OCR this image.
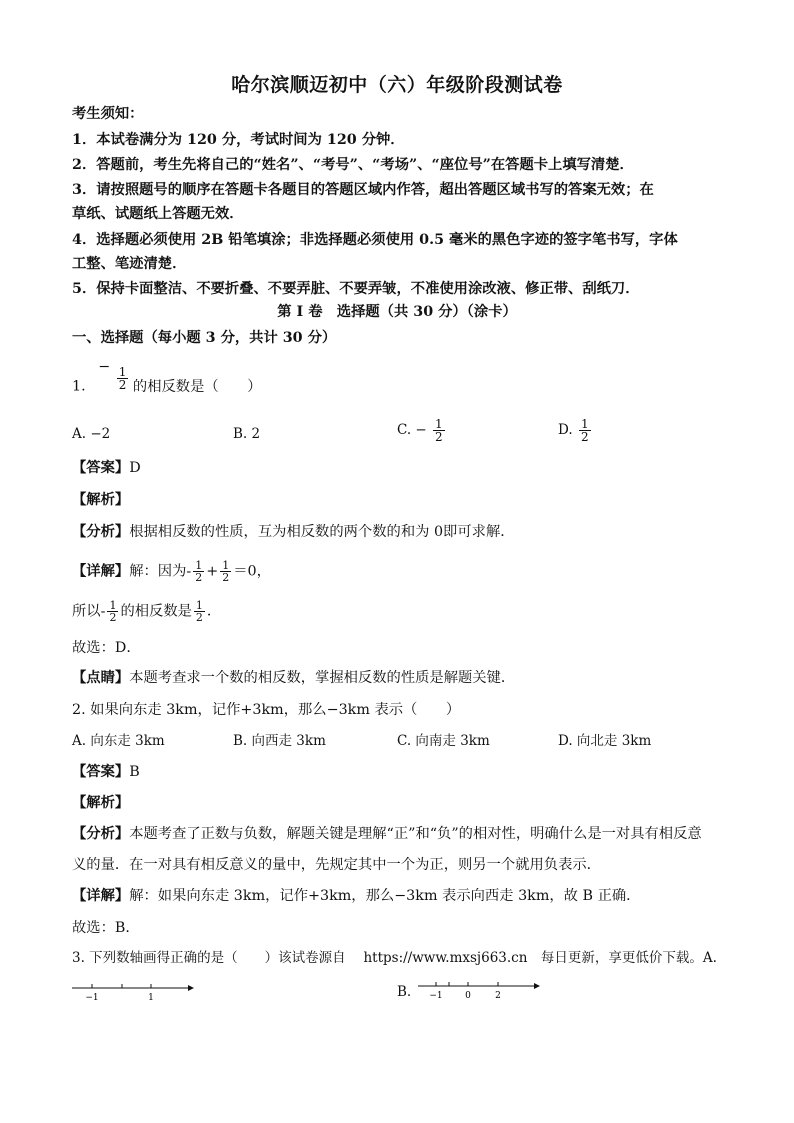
哈尔滨顺迈初中（六）年级阶段测试卷
考生须知：
1．本试卷满分为 120 分，考试时间为 120 分钟．
2．答题前，考生先将自己的“姓名”、“考号”、“考场”、“座位号”在答题卡上填写清楚．
3．请按照题号的顺序在答题卡各题目的答题区域内作答，超出答题区域书写的答案无效；在
草纸、试题纸上答题无效．
4．选择题必须使用 2B 铅笔填涂；非选择题必须使用 0.5 毫米的黑色字迹的签字笔书写，字体
工整、笔迹清楚．
5．保持卡面整洁、不要折叠、不要弄脏、不要弄皱，不准使用涂改液、修正带、刮纸刀．
第 I 卷　选择题（共 30 分）（涂卡）
一、选择题（每小题 3 分，共计 30 分）
1. − $\frac{1}{2}$ 的相反数是（　　）
A. −2	B. 2	C. − $\frac{1}{2}$	D. $\frac{1}{2}$
【答案】D
【解析】
【分析】根据相反数的性质，互为相反数的两个数的和为 0即可求解．
【详解】解：因为- $\frac{1}{2} + \frac{1}{2} =0$，
所以- $\frac{1}{2}$ 的相反数是 $\frac{1}{2}$ ．
故选：D．
【点睛】本题考查求一个数的相反数，掌握相反数的性质是解题关键．
2. 如果向东走 3km，记作+3km，那么−3km 表示（　　）
A. 向东走 3km	B. 向西走 3km	C. 向南走 3km	D. 向北走 3km
【答案】B
【解析】
【分析】本题考查了正数与负数，解题关键是理解“正”和“负”的相对性，明确什么是一对具有相反意
义的量．在一对具有相反意义的量中，先规定其中一个为正，则另一个就用负表示．
【详解】解：如果向东走 3km，记作+3km，那么−3km 表示向西走 3km，故 B 正确．
故选：B．
3. 下列数轴画得正确的是（　　）该试卷源自　 https://www.mxsj663.cn　每日更新，享更低价下载。A.
−1	1	B. −1 0	2
